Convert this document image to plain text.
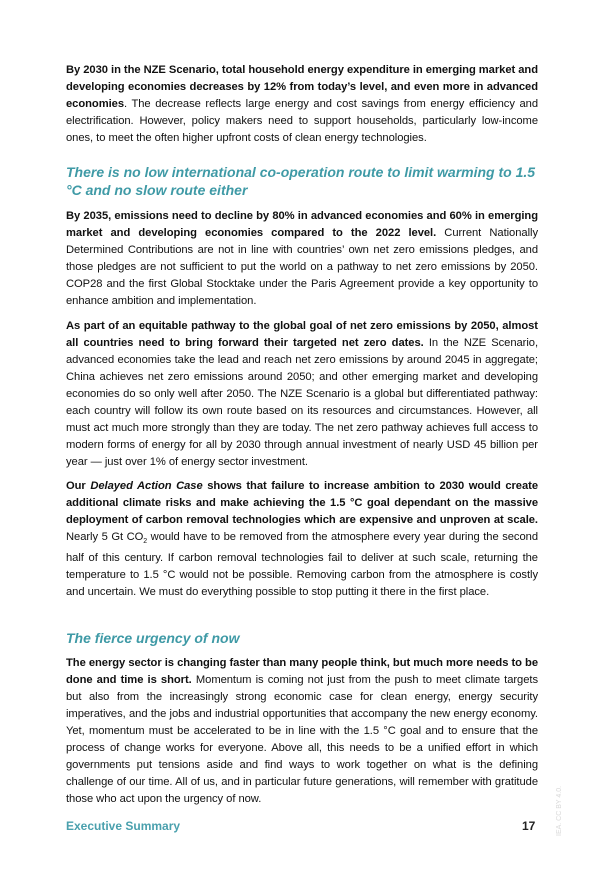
By 2030 in the NZE Scenario, total household energy expenditure in emerging market and developing economies decreases by 12% from today’s level, and even more in advanced economies. The decrease reflects large energy and cost savings from energy efficiency and electrification. However, policy makers need to support households, particularly low-income ones, to meet the often higher upfront costs of clean energy technologies.

There is no low international co-operation route to limit warming to 1.5 °C and no slow route either

By 2035, emissions need to decline by 80% in advanced economies and 60% in emerging market and developing economies compared to the 2022 level. Current Nationally Determined Contributions are not in line with countries’ own net zero emissions pledges, and those pledges are not sufficient to put the world on a pathway to net zero emissions by 2050. COP28 and the first Global Stocktake under the Paris Agreement provide a key opportunity to enhance ambition and implementation.

As part of an equitable pathway to the global goal of net zero emissions by 2050, almost all countries need to bring forward their targeted net zero dates. In the NZE Scenario, advanced economies take the lead and reach net zero emissions by around 2045 in aggregate; China achieves net zero emissions around 2050; and other emerging market and developing economies do so only well after 2050. The NZE Scenario is a global but differentiated pathway: each country will follow its own route based on its resources and circumstances. However, all must act much more strongly than they are today. The net zero pathway achieves full access to modern forms of energy for all by 2030 through annual investment of nearly USD 45 billion per year — just over 1% of energy sector investment.

Our Delayed Action Case shows that failure to increase ambition to 2030 would create additional climate risks and make achieving the 1.5 °C goal dependant on the massive deployment of carbon removal technologies which are expensive and unproven at scale. Nearly 5 Gt $CO_2$ would have to be removed from the atmosphere every year during the second half of this century. If carbon removal technologies fail to deliver at such scale, returning the temperature to 1.5 °C would not be possible. Removing carbon from the atmosphere is costly and uncertain. We must do everything possible to stop putting it there in the first place.

The fierce urgency of now

The energy sector is changing faster than many people think, but much more needs to be done and time is short. Momentum is coming not just from the push to meet climate targets but also from the increasingly strong economic case for clean energy, energy security imperatives, and the jobs and industrial opportunities that accompany the new energy economy. Yet, momentum must be accelerated to be in line with the 1.5 °C goal and to ensure that the process of change works for everyone. Above all, this needs to be a unified effort in which governments put tensions aside and find ways to work together on what is the defining challenge of our time. All of us, and in particular future generations, will remember with gratitude those who act upon the urgency of now.

Executive Summary	17	IEA. CC BY 4.0.
